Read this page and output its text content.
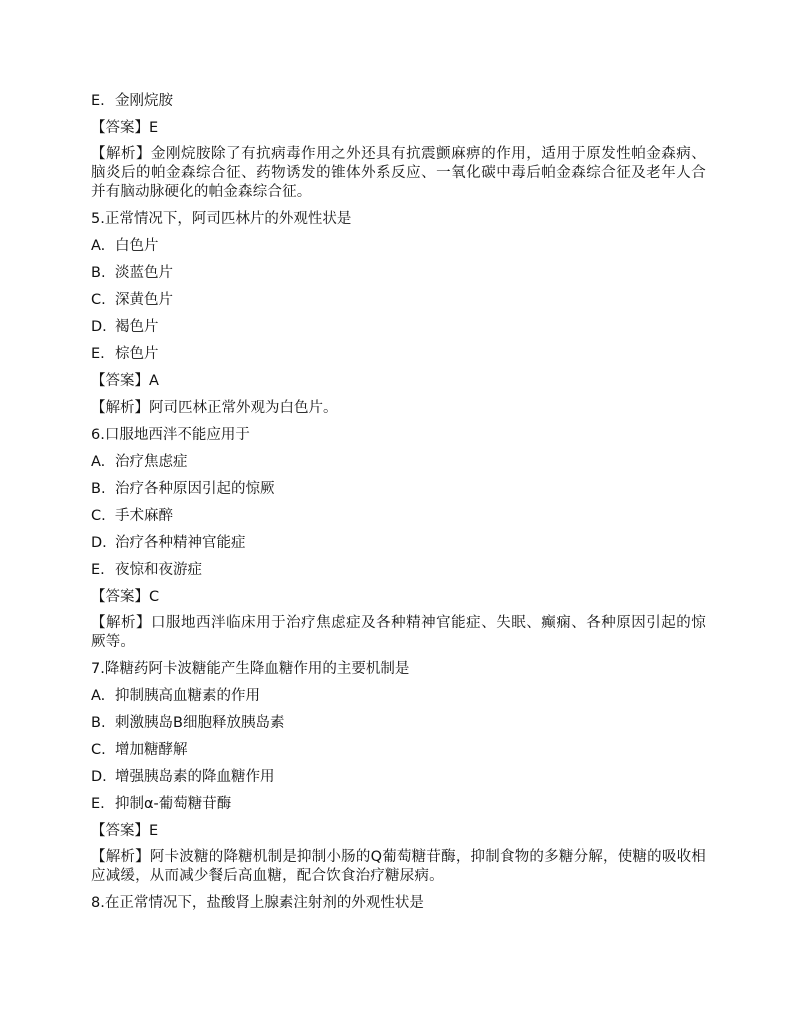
E. 金刚烷胺
【答案】E
【解析】金刚烷胺除了有抗病毒作用之外还具有抗震颤麻痹的作用，适用于原发性帕金森病、脑炎后的帕金森综合征、药物诱发的锥体外系反应、一氧化碳中毒后帕金森综合征及老年人合并有脑动脉硬化的帕金森综合征。
5.正常情况下，阿司匹林片的外观性状是
A. 白色片
B. 淡蓝色片
C. 深黄色片
D. 褐色片
E. 棕色片
【答案】A
【解析】阿司匹林正常外观为白色片。
6.口服地西泮不能应用于
A. 治疗焦虑症
B. 治疗各种原因引起的惊厥
C. 手术麻醉
D. 治疗各种精神官能症
E. 夜惊和夜游症
【答案】C
【解析】口服地西泮临床用于治疗焦虑症及各种精神官能症、失眠、癫痫、各种原因引起的惊厥等。
7.降糖药阿卡波糖能产生降血糖作用的主要机制是
A. 抑制胰高血糖素的作用
B. 刺激胰岛B细胞释放胰岛素
C. 增加糖酵解
D. 增强胰岛素的降血糖作用
E. 抑制α-葡萄糖苷酶
【答案】E
【解析】阿卡波糖的降糖机制是抑制小肠的Q葡萄糖苷酶，抑制食物的多糖分解，使糖的吸收相应减缓，从而减少餐后高血糖，配合饮食治疗糖尿病。
8.在正常情况下，盐酸肾上腺素注射剂的外观性状是
